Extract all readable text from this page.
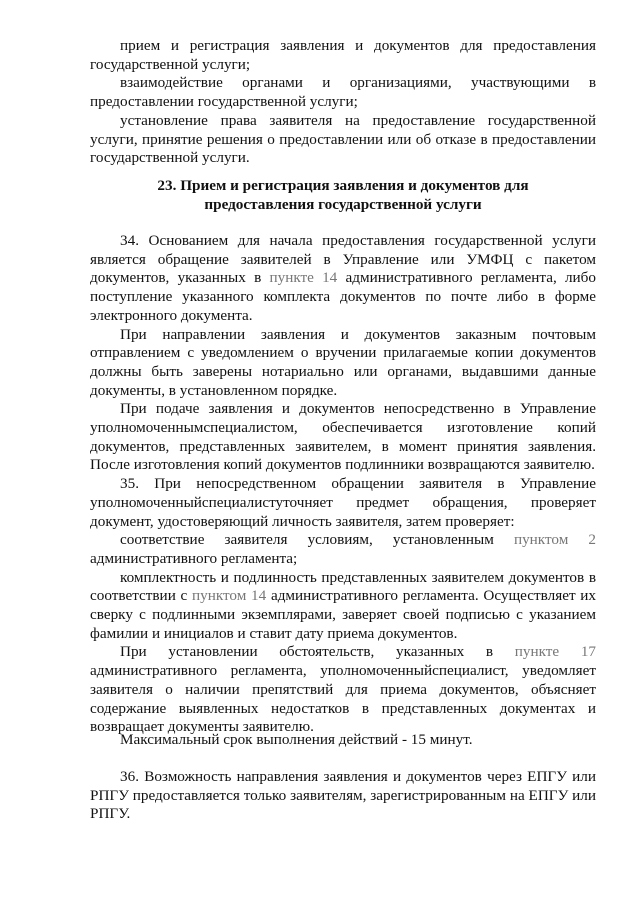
прием и регистрация заявления и документов для предоставления государственной услуги;

взаимодействие органами и организациями, участвующими в предоставлении государственной услуги;

установление права заявителя на предоставление государственной услуги, принятие решения о предоставлении или об отказе в предоставлении государственной услуги.

23. Прием и регистрация заявления и документов для

предоставления государственной услуги

34. Основанием для начала предоставления государственной услуги является обращение заявителей в Управление или УМФЦ с пакетом документов, указанных в пункте 14 административного регламента, либо поступление указанного комплекта документов по почте либо в форме электронного документа.

При направлении заявления и документов заказным почтовым отправлением с уведомлением о вручении прилагаемые копии документов должны быть заверены нотариально или органами, выдавшими данные документы, в установленном порядке.

При подаче заявления и документов непосредственно в Управление уполномоченнымспециалистом, обеспечивается изготовление копий документов, представленных заявителем, в момент принятия заявления. После изготовления копий документов подлинники возвращаются заявителю.

35. При непосредственном обращении заявителя в Управление уполномоченныйспециалистуточняет предмет обращения, проверяет документ, удостоверяющий личность заявителя, затем проверяет:

соответствие заявителя условиям, установленным пунктом 2 административного регламента;

комплектность и подлинность представленных заявителем документов в соответствии с пунктом 14 административного регламента. Осуществляет их сверку с подлинными экземплярами, заверяет своей подписью с указанием фамилии и инициалов и ставит дату приема документов.

При установлении обстоятельств, указанных в пункте 17 административного регламента, уполномоченныйспециалист, уведомляет заявителя о наличии препятствий для приема документов, объясняет содержание выявленных недостатков в представленных документах и возвращает документы заявителю.

Максимальный срок выполнения действий - 15 минут.

36. Возможность направления заявления и документов через ЕПГУ или РПГУ предоставляется только заявителям, зарегистрированным на ЕПГУ или РПГУ.
